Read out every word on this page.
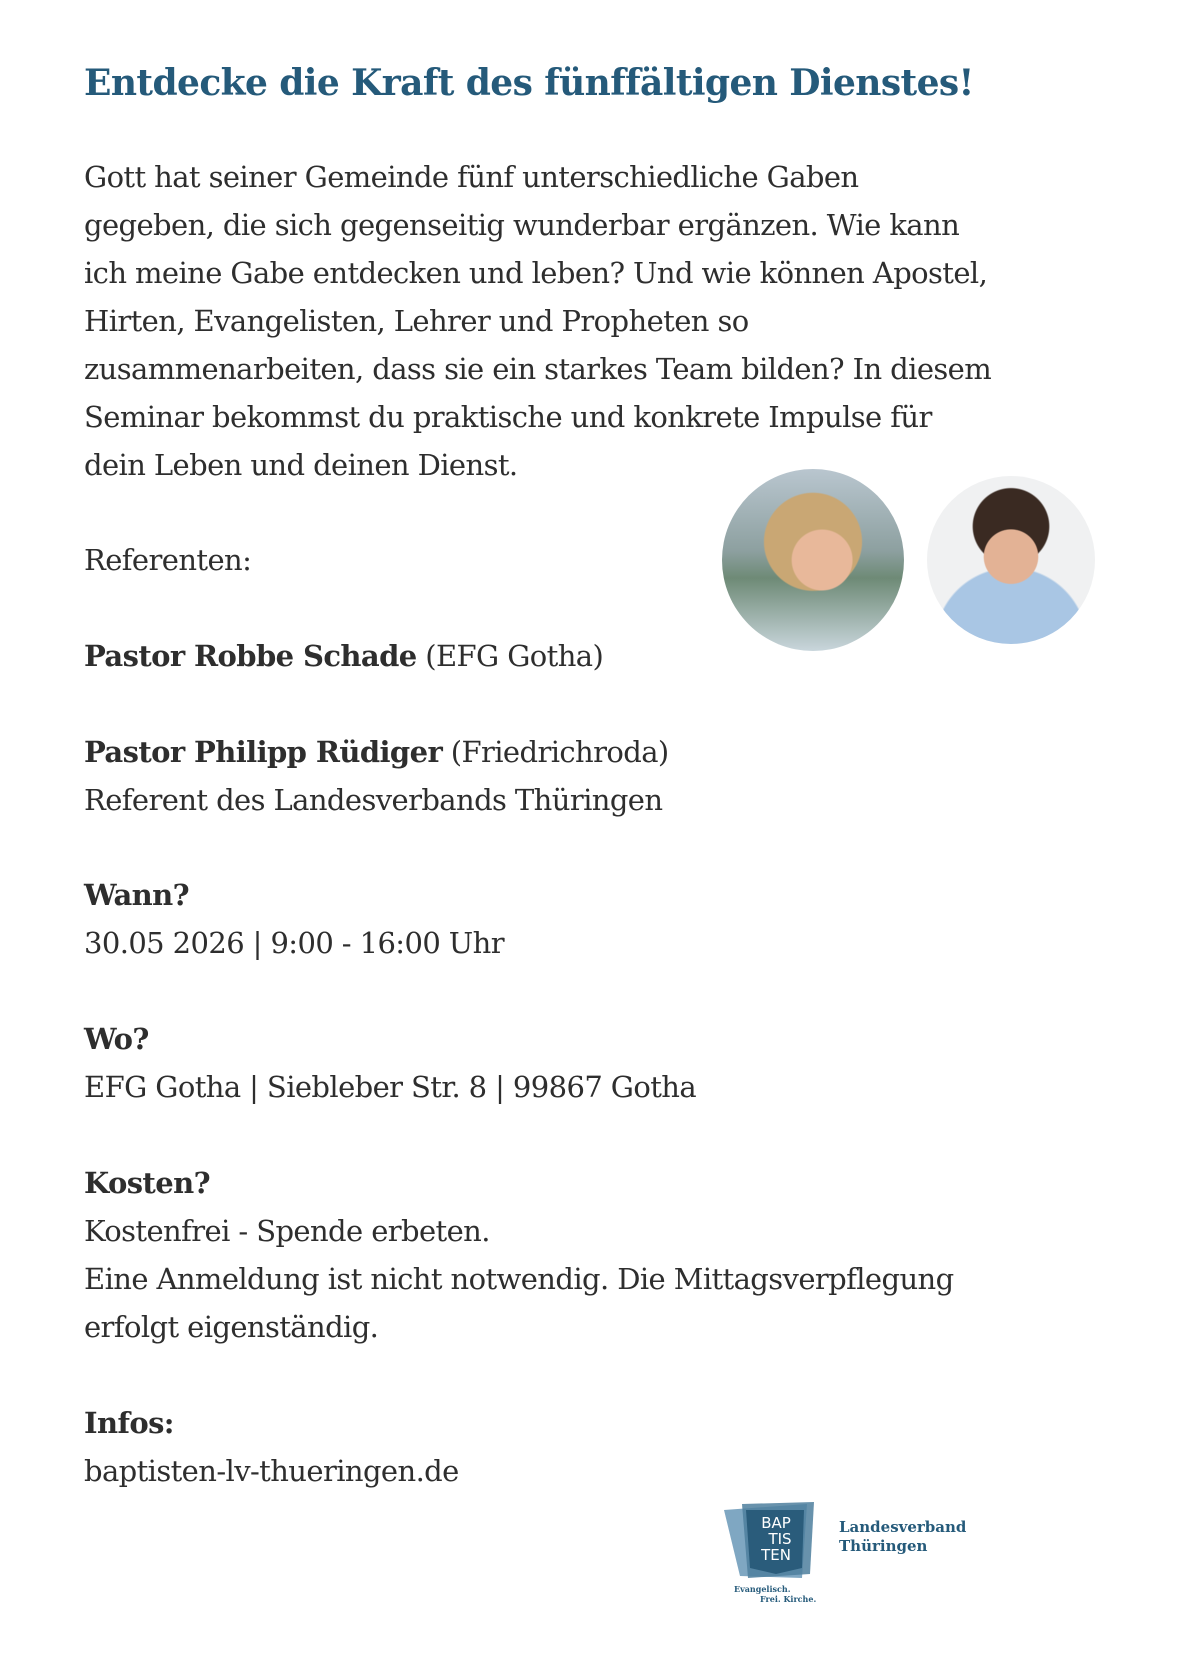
Entdecke die Kraft des fünffältigen Dienstes!
Gott hat seiner Gemeinde fünf unterschiedliche Gaben
gegeben, die sich gegenseitig wunderbar ergänzen. Wie kann
ich meine Gabe entdecken und leben? Und wie können Apostel,
Hirten, Evangelisten, Lehrer und Propheten so
zusammenarbeiten, dass sie ein starkes Team bilden? In diesem
Seminar bekommst du praktische und konkrete Impulse für
dein Leben und deinen Dienst.
Referenten:
Pastor Robbe Schade (EFG Gotha)
Pastor Philipp Rüdiger (Friedrichroda)
Referent des Landesverbands Thüringen
Wann?
30.05 2026 | 9:00 - 16:00 Uhr
Wo?
EFG Gotha | Siebleber Str. 8 | 99867 Gotha
Kosten?
Kostenfrei - Spende erbeten.
Eine Anmeldung ist nicht notwendig. Die Mittagsverpflegung
erfolgt eigenständig.
Infos:
baptisten-lv-thueringen.de
BAP
TIS
TEN
Evangelisch.
Frei. Kirche.
Landesverband
Thüringen
